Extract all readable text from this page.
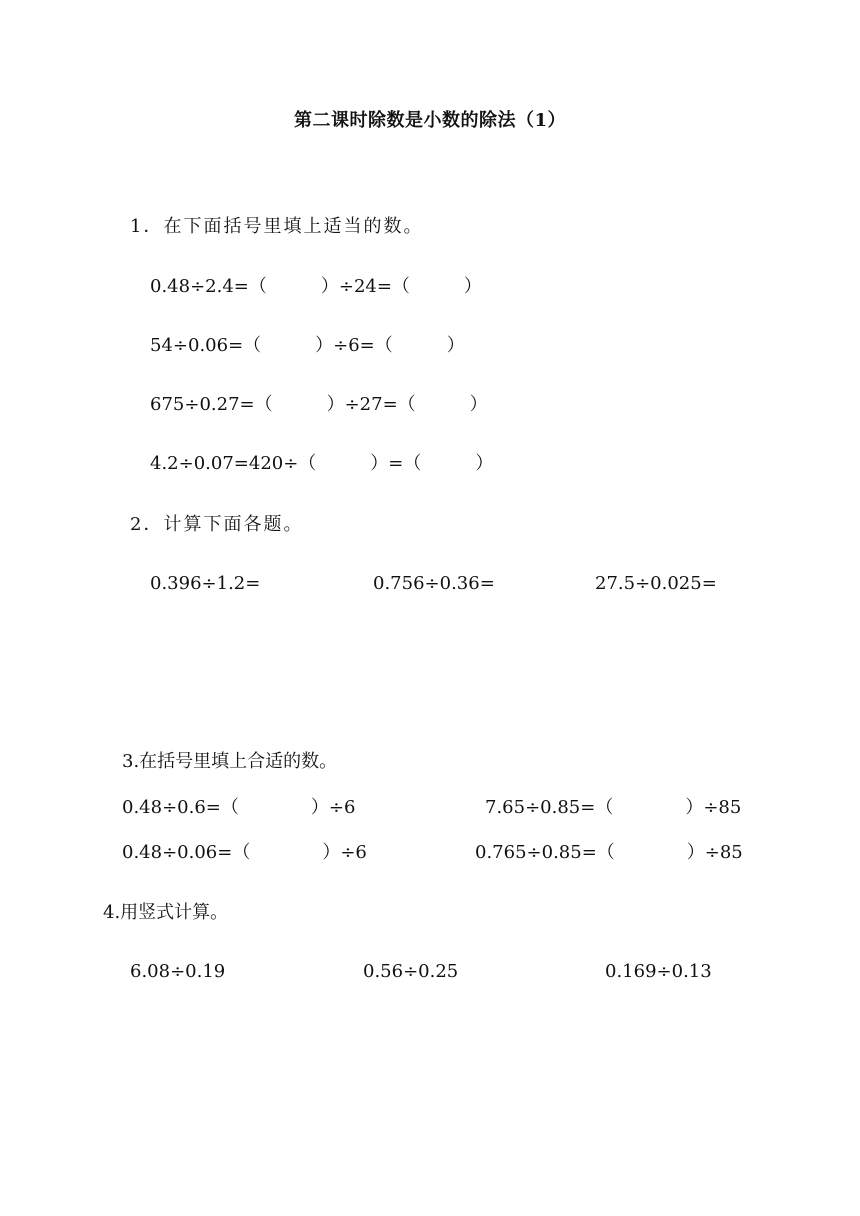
第二课时除数是小数的除法（1）
1．在下面括号里填上适当的数。
0.48÷2.4=（　　　）÷24=（　　　）
54÷0.06=（　　　）÷6=（　　　）
675÷0.27=（　　　）÷27=（　　　）
4.2÷0.07=420÷（　　　）=（　　　）
2．计算下面各题。
0.396÷1.2=	0.756÷0.36=	27.5÷0.025=
3.在括号里填上合适的数。
0.48÷0.6=（　　　　）÷6	7.65÷0.85=（　　　　）÷85
0.48÷0.06=（　　　　）÷6	0.765÷0.85=（　　　　）÷85
4.用竖式计算。
6.08÷0.19	0.56÷0.25	0.169÷0.13
